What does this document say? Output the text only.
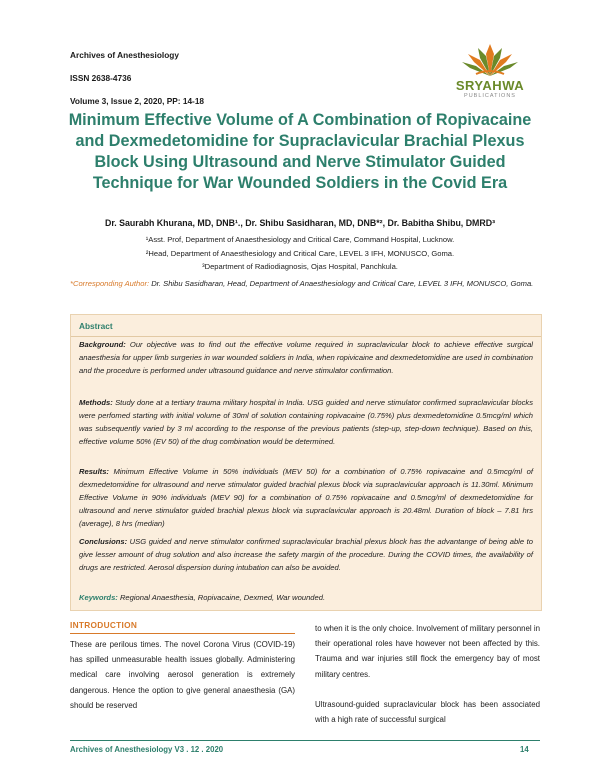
Archives of Anesthesiology
ISSN 2638-4736
Volume 3, Issue 2, 2020, PP: 14-18
SRYAHWA
PUBLICATIONS
Minimum Effective Volume of A Combination of Ropivacaine and Dexmedetomidine for Supraclavicular Brachial Plexus Block Using Ultrasound and Nerve Stimulator Guided Technique for War Wounded Soldiers in the Covid Era
Dr. Saurabh Khurana, MD, DNB¹., Dr. Shibu Sasidharan, MD, DNB*², Dr. Babitha Shibu, DMRD³
¹Asst. Prof, Department of Anaesthesiology and Critical Care, Command Hospital, Lucknow.
²Head, Department of Anaesthesiology and Critical Care, LEVEL 3 IFH, MONUSCO, Goma.
³Department of Radiodiagnosis, Ojas Hospital, Panchkula.
*Corresponding Author: Dr. Shibu Sasidharan, Head, Department of Anaesthesiology and Critical Care, LEVEL 3 IFH, MONUSCO, Goma.
Abstract

Background: Our objective was to find out the effective volume required in supraclavicular block to achieve effective surgical anaesthesia for upper limb surgeries in war wounded soldiers in India, when ropivicaine and dexmedetomidine are used in combination and the procedure is performed under ultrasound guidance and nerve stimulator confirmation.

Methods: Study done at a tertiary trauma military hospital in India. USG guided and nerve stimulator confirmed supraclavicular blocks were perfomed starting with initial volume of 30ml of solution containing ropivacaine (0.75%) plus dexmedetomidine 0.5mcg/ml which was subsequently varied by 3 ml according to the response of the previous patients (step-up, step-down technique). Based on this, effective volume 50% (EV 50) of the drug combination would be determined.

Results: Minimum Effective Volume in 50% individuals (MEV 50) for a combination of 0.75% ropivacaine and 0.5mcg/ml of dexmedetomidine for ultrasound and nerve stimulator guided brachial plexus block via supraclavicular approach is 11.30ml. Minimum Effective Volume in 90% individuals (MEV 90) for a combination of 0.75% ropivacaine and 0.5mcg/ml of dexmedetomidine for ultrasound and nerve stimulator guided brachial plexus block via supraclavicular approach is 20.48ml. Duration of block – 7.81 hrs (average), 8 hrs (median)

Conclusions: USG guided and nerve stimulator confirmed supraclavicular brachial plexus block has the advantange of being able to give lesser amount of drug solution and also increase the safety margin of the procedure. During the COVID times, the availability of drugs are restricted. Aerosol dispersion during intubation can also be avoided.

Keywords: Regional Anaesthesia, Ropivacaine, Dexmed, War wounded.

INTRODUCTION

These are perilous times. The novel Corona Virus (COVID-19) has spilled unmeasurable health issues globally. Administering medical care involving aerosol generation is extremely dangerous. Hence the option to give general anaesthesia (GA) should be reserved

to when it is the only choice. Involvement of military personnel in their operational roles have however not been affected by this. Trauma and war injuries still flock the emergency bay of most military centres.

Ultrasound-guided supraclavicular block has been associated with a high rate of successful surgical

Archives of Anesthesiology V3 . 12 . 2020	14
